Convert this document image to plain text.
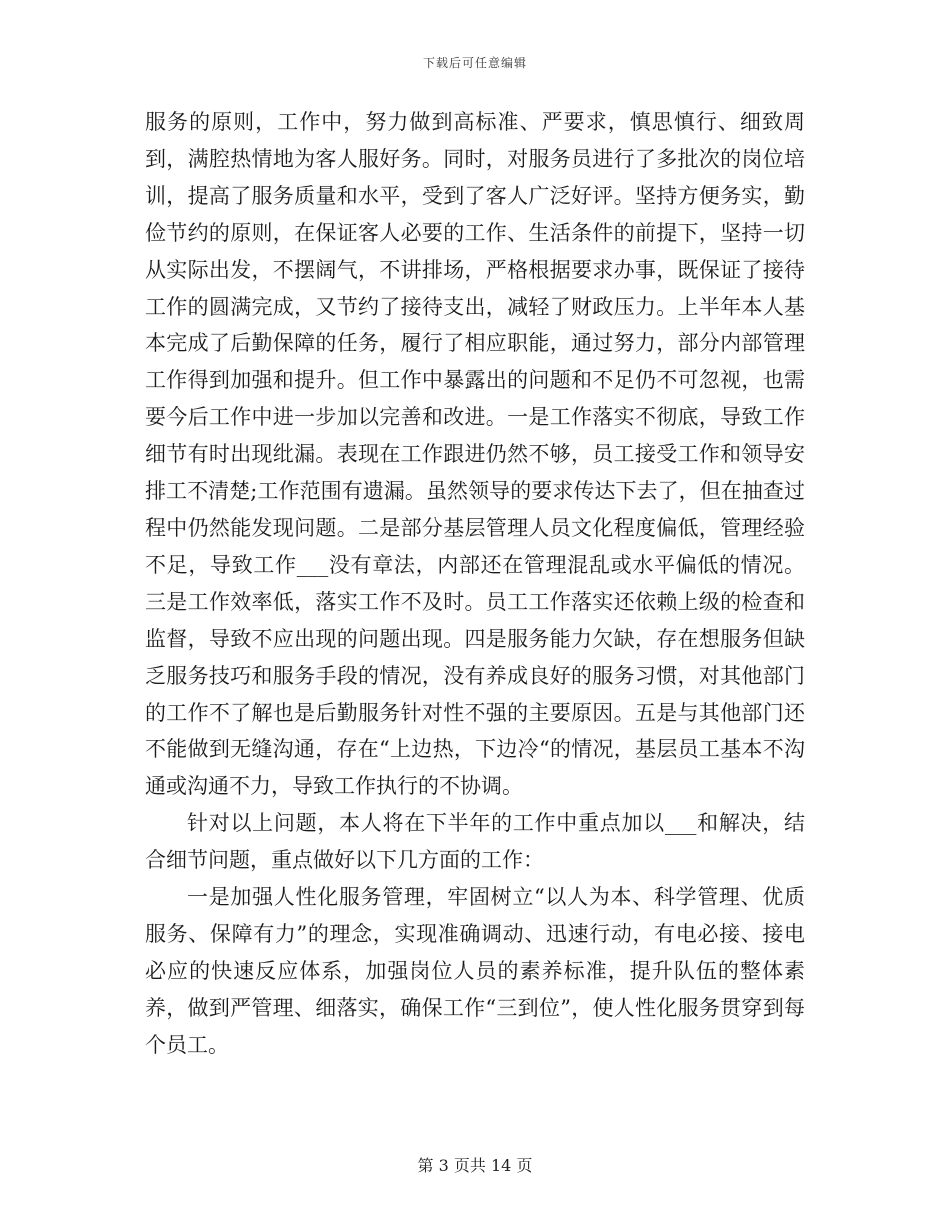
下载后可任意编辑

服务的原则，工作中，努力做到高标准、严要求，慎思慎行、细致周到，满腔热情地为客人服好务。同时，对服务员进行了多批次的岗位培训，提高了服务质量和水平，受到了客人广泛好评。坚持方便务实，勤俭节约的原则，在保证客人必要的工作、生活条件的前提下，坚持一切从实际出发，不摆阔气，不讲排场，严格根据要求办事，既保证了接待工作的圆满完成，又节约了接待支出，减轻了财政压力。上半年本人基本完成了后勤保障的任务，履行了相应职能，通过努力，部分内部管理工作得到加强和提升。但工作中暴露出的问题和不足仍不可忽视，也需要今后工作中进一步加以完善和改进。一是工作落实不彻底，导致工作细节有时出现纰漏。表现在工作跟进仍然不够，员工接受工作和领导安排工不清楚;工作范围有遗漏。虽然领导的要求传达下去了，但在抽查过程中仍然能发现问题。二是部分基层管理人员文化程度偏低，管理经验不足，导致工作___没有章法，内部还在管理混乱或水平偏低的情况。三是工作效率低，落实工作不及时。员工工作落实还依赖上级的检查和监督，导致不应出现的问题出现。四是服务能力欠缺，存在想服务但缺乏服务技巧和服务手段的情况，没有养成良好的服务习惯，对其他部门的工作不了解也是后勤服务针对性不强的主要原因。五是与其他部门还不能做到无缝沟通，存在“上边热，下边冷“的情况，基层员工基本不沟通或沟通不力，导致工作执行的不协调。

针对以上问题，本人将在下半年的工作中重点加以___和解决，结合细节问题，重点做好以下几方面的工作：

一是加强人性化服务管理，牢固树立“以人为本、科学管理、优质服务、保障有力”的理念，实现准确调动、迅速行动，有电必接、接电必应的快速反应体系，加强岗位人员的素养标准，提升队伍的整体素养，做到严管理、细落实，确保工作“三到位”，使人性化服务贯穿到每个员工。

第 3 页共 14 页
